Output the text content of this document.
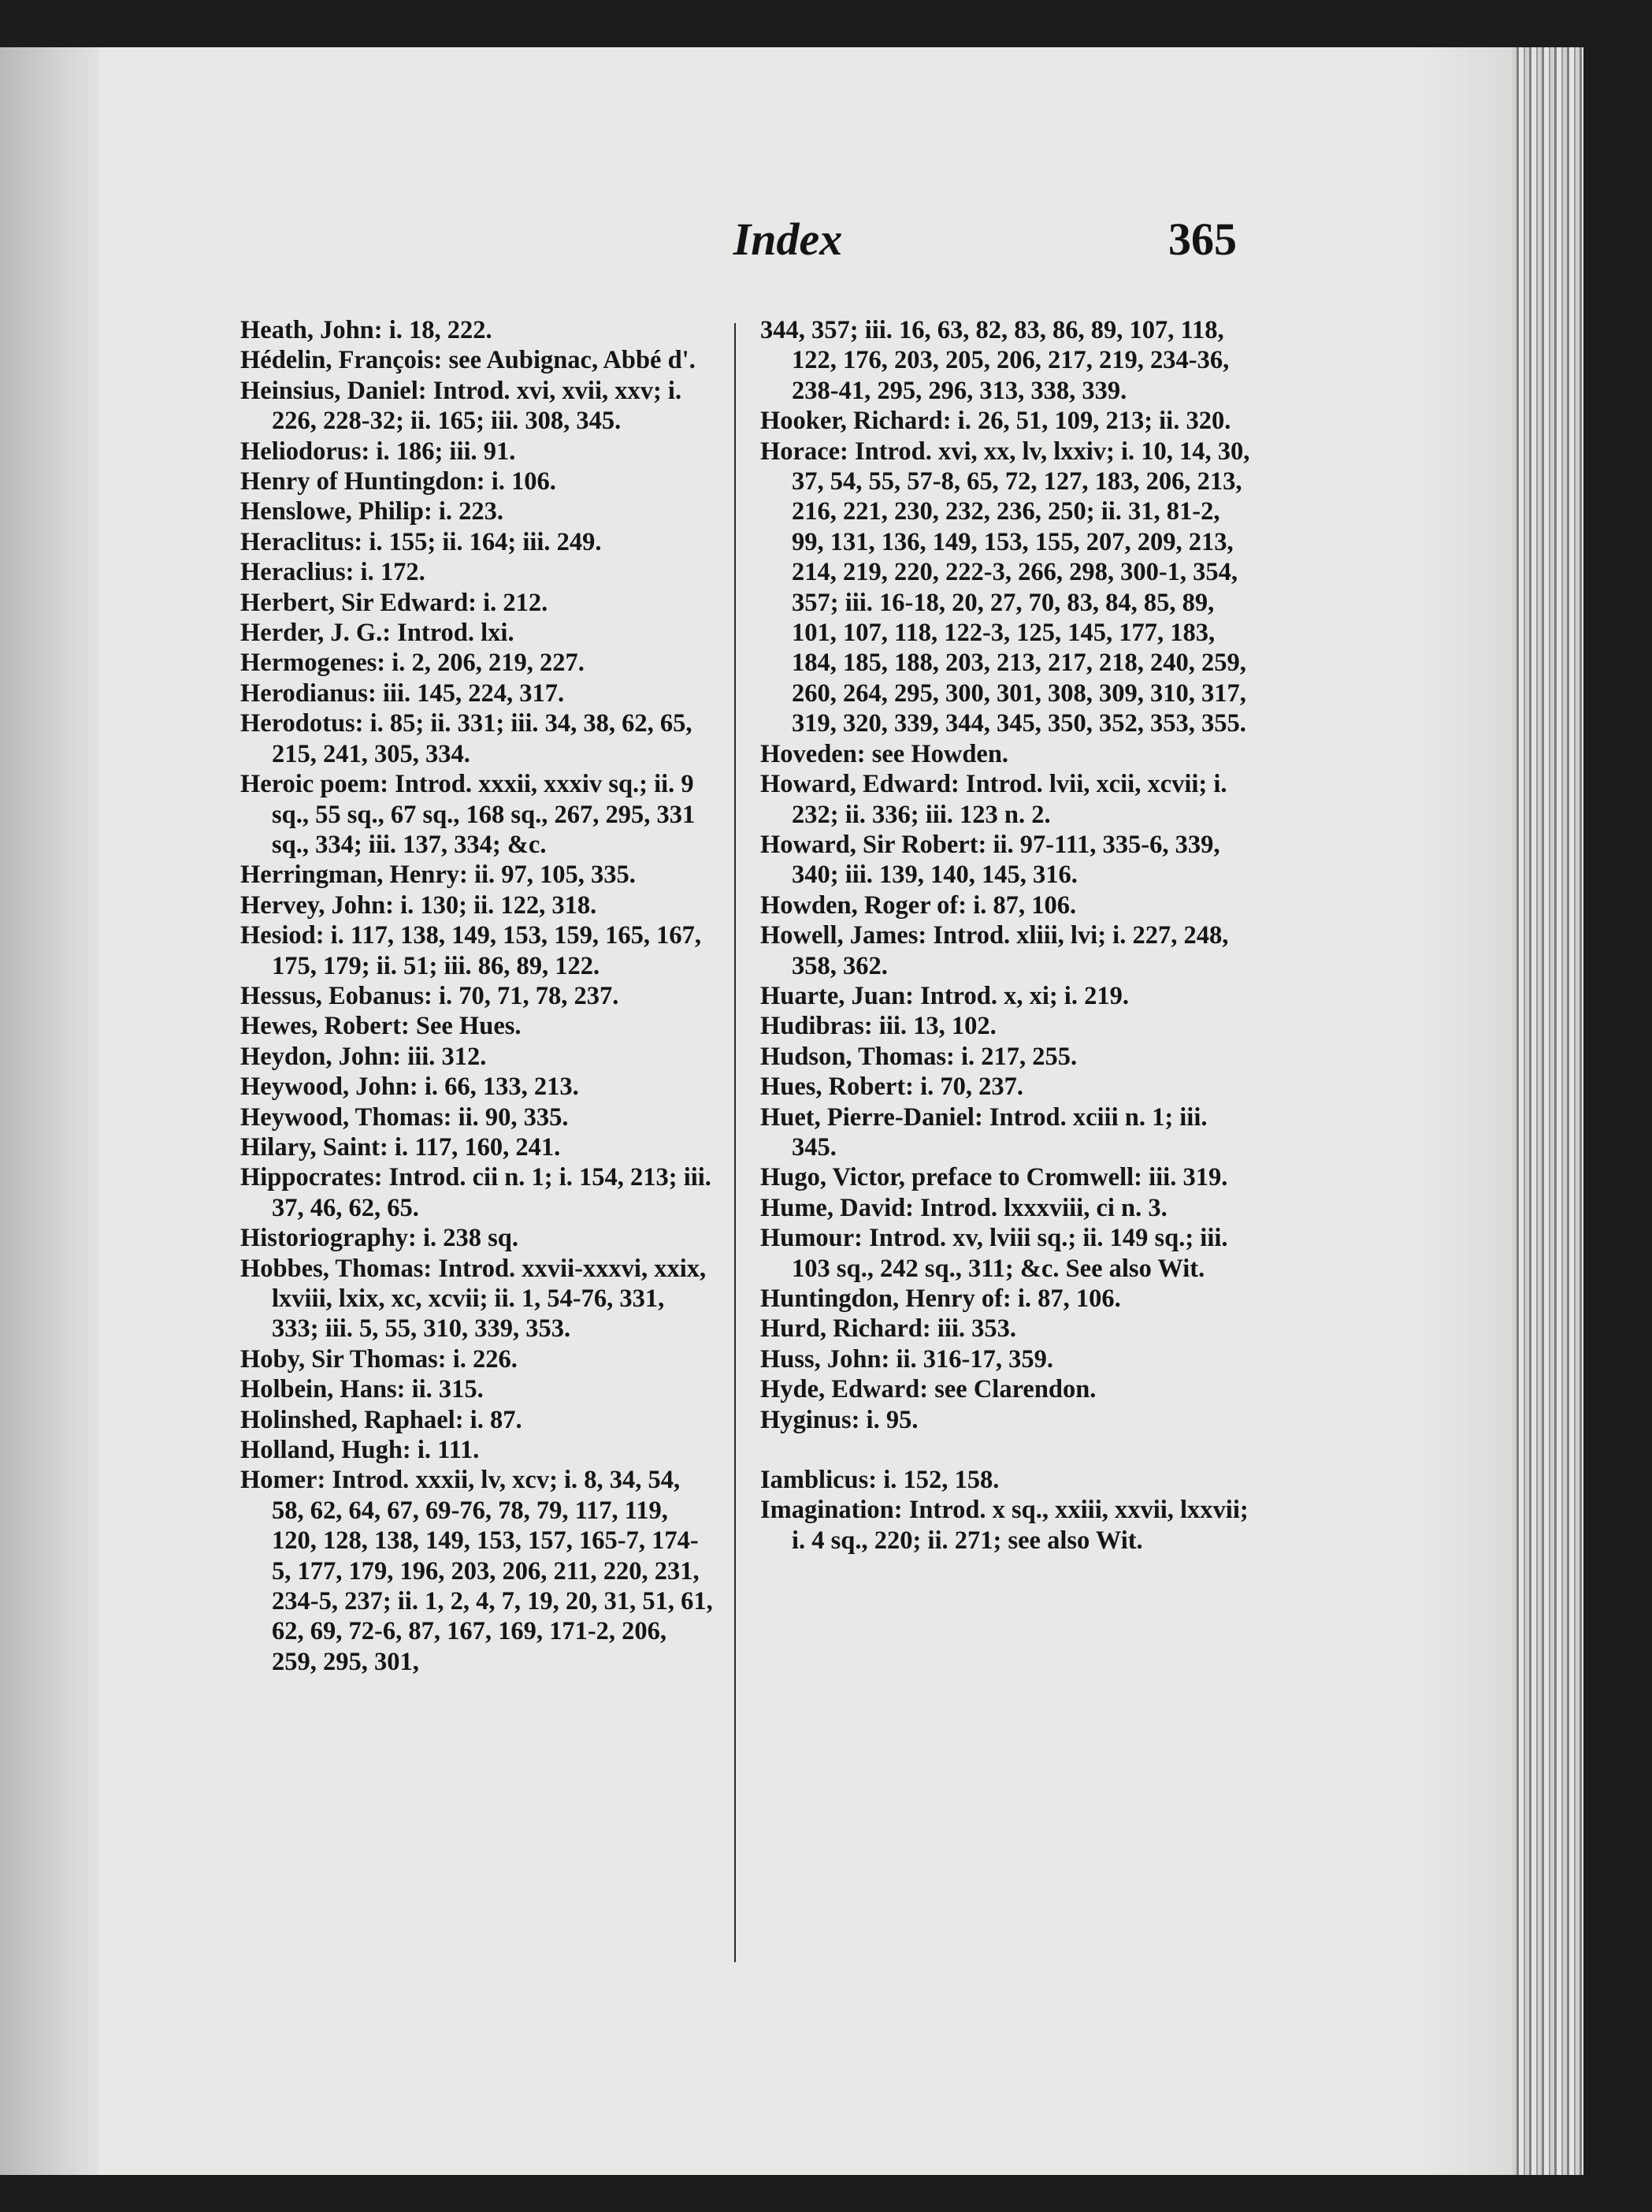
Index	365

Heath, John: i. 18, 222.

Hédelin, François: see Aubignac, Abbé d'.

Heinsius, Daniel: Introd. xvi, xvii, xxv; i. 226, 228-32; ii. 165; iii. 308, 345.

Heliodorus: i. 186; iii. 91.

Henry of Huntingdon: i. 106.

Henslowe, Philip: i. 223.

Heraclitus: i. 155; ii. 164; iii. 249.

Heraclius: i. 172.

Herbert, Sir Edward: i. 212.

Herder, J. G.: Introd. lxi.

Hermogenes: i. 2, 206, 219, 227.

Herodianus: iii. 145, 224, 317.

Herodotus: i. 85; ii. 331; iii. 34, 38, 62, 65, 215, 241, 305, 334.

Heroic poem: Introd. xxxii, xxxiv sq.; ii. 9 sq., 55 sq., 67 sq., 168 sq., 267, 295, 331 sq., 334; iii. 137, 334; &c.

Herringman, Henry: ii. 97, 105, 335.

Hervey, John: i. 130; ii. 122, 318.

Hesiod: i. 117, 138, 149, 153, 159, 165, 167, 175, 179; ii. 51; iii. 86, 89, 122.

Hessus, Eobanus: i. 70, 71, 78, 237.

Hewes, Robert: See Hues.

Heydon, John: iii. 312.

Heywood, John: i. 66, 133, 213.

Heywood, Thomas: ii. 90, 335.

Hilary, Saint: i. 117, 160, 241.

Hippocrates: Introd. cii n. 1; i. 154, 213; iii. 37, 46, 62, 65.

Historiography: i. 238 sq.

Hobbes, Thomas: Introd. xxvii-xxxvi, xxix, lxviii, lxix, xc, xcvii; ii. 1, 54-76, 331, 333; iii. 5, 55, 310, 339, 353.

Hoby, Sir Thomas: i. 226.

Holbein, Hans: ii. 315.

Holinshed, Raphael: i. 87.

Holland, Hugh: i. 111.

Homer: Introd. xxxii, lv, xcv; i. 8, 34, 54, 58, 62, 64, 67, 69-76, 78, 79, 117, 119, 120, 128, 138, 149, 153, 157, 165-7, 174-5, 177, 179, 196, 203, 206, 211, 220, 231, 234-5, 237; ii. 1, 2, 4, 7, 19, 20, 31, 51, 61, 62, 69, 72-6, 87, 167, 169, 171-2, 206, 259, 295, 301,

344, 357; iii. 16, 63, 82, 83, 86, 89, 107, 118, 122, 176, 203, 205, 206, 217, 219, 234-36, 238-41, 295, 296, 313, 338, 339.

Hooker, Richard: i. 26, 51, 109, 213; ii. 320.

Horace: Introd. xvi, xx, lv, lxxiv; i. 10, 14, 30, 37, 54, 55, 57-8, 65, 72, 127, 183, 206, 213, 216, 221, 230, 232, 236, 250; ii. 31, 81-2, 99, 131, 136, 149, 153, 155, 207, 209, 213, 214, 219, 220, 222-3, 266, 298, 300-1, 354, 357; iii. 16-18, 20, 27, 70, 83, 84, 85, 89, 101, 107, 118, 122-3, 125, 145, 177, 183, 184, 185, 188, 203, 213, 217, 218, 240, 259, 260, 264, 295, 300, 301, 308, 309, 310, 317, 319, 320, 339, 344, 345, 350, 352, 353, 355.

Hoveden: see Howden.

Howard, Edward: Introd. lvii, xcii, xcvii; i. 232; ii. 336; iii. 123 n. 2.

Howard, Sir Robert: ii. 97-111, 335-6, 339, 340; iii. 139, 140, 145, 316.

Howden, Roger of: i. 87, 106.

Howell, James: Introd. xliii, lvi; i. 227, 248, 358, 362.

Huarte, Juan: Introd. x, xi; i. 219.

Hudibras: iii. 13, 102.

Hudson, Thomas: i. 217, 255.

Hues, Robert: i. 70, 237.

Huet, Pierre-Daniel: Introd. xciii n. 1; iii. 345.

Hugo, Victor, preface to Cromwell: iii. 319.

Hume, David: Introd. lxxxviii, ci n. 3.

Humour: Introd. xv, lviii sq.; ii. 149 sq.; iii. 103 sq., 242 sq., 311; &c. See also Wit.

Huntingdon, Henry of: i. 87, 106.

Hurd, Richard: iii. 353.

Huss, John: ii. 316-17, 359.

Hyde, Edward: see Clarendon.

Hyginus: i. 95.

Iamblicus: i. 152, 158.

Imagination: Introd. x sq., xxiii, xxvii, lxxvii; i. 4 sq., 220; ii. 271; see also Wit.
